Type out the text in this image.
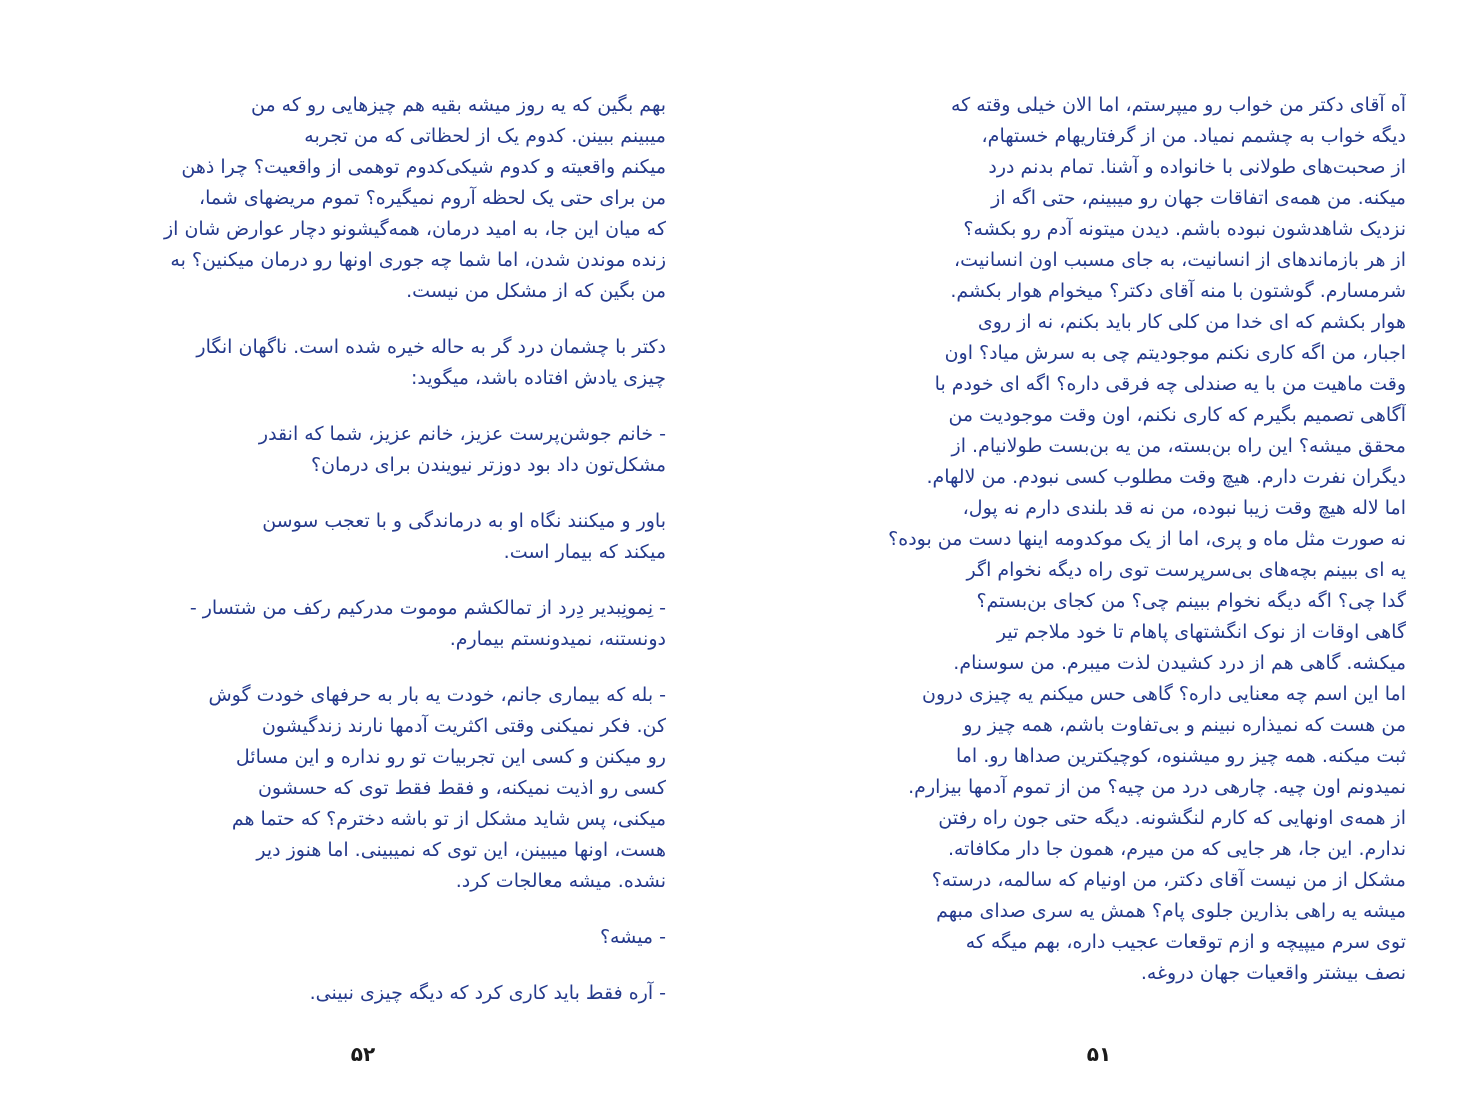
بهم بگین که یه روز میشه بقیه هم چیزهایی رو که من
میبینم ببینن. کدوم یک از لحظاتی که من تجربه
میکنم واقعیته و کدوم شیکی‌کدوم توهمی از واقعیت؟ چرا ذهن
من برای حتی یک لحظه آروم نمیگیره؟ تموم مریضهای شما،
که میان این جا، به امید درمان، همه‌گیشونو دچار عوارض شان از
زنده موندن شدن، اما شما چه جوری اونها رو درمان میکنین؟ به
من بگین که از مشکل من نیست.
دکتر با چشمان درد گر به حاله خیره شده است. ناگهان انگار
چیزی یادش افتاده باشد، میگوید:
- خانم جوشن‌پرست عزیز، خانم عزیز، شما که انقدر
مشکل‌تون داد بود دوزتر نیویندن برای درمان؟
باور و میکنند نگاه او به درماندگی و با تعجب سوسن
میکند که بیمار است.
- نِمونِبدیر دِرد از تمالکشم موموت مدرکیم رکف من شتسار -
دونستنه، نمیدونستم بیمارم.
- بله که بیماری جانم، خودت یه بار به حرفهای خودت گوش
کن. فکر نمیکنی وقتی اکثریت آدمها نارند زندگیشون
رو میکنن و کسی این تجربیات تو رو نداره و این مسائل
کسی رو اذیت نمیکنه، و فقط فقط توی که حسشون
میکنی، پس شاید مشکل از تو باشه دخترم؟ که حتما هم
هست، اونها میبینن، این توی که نمیبینی. اما هنوز دیر
نشده. میشه معالجات کرد.
- میشه؟
- آره فقط باید کاری کرد که دیگه چیزی نبینی.
۵۲
آه آقای دکتر من خواب رو میپرستم، اما الان خیلی وقته که
دیگه خواب به چشمم نمیاد. من از گرفتاریهام خستهام،
از صحبت‌های طولانی با خانواده و آشنا. تمام بدنم درد
میکنه. من همه‌ی اتفاقات جهان رو میبینم، حتی اگه از
نزدیک شاهدشون نبوده باشم. دیدن میتونه آدم رو بکشه؟
از هر بازماندهای از انسانیت، به جای مسبب اون انسانیت،
شرمسارم. گوشتون با منه آقای دکتر؟ میخوام هوار بکشم.
هوار بکشم که ای خدا من کلی کار باید بکنم، نه از روی
اجبار، من اگه کاری نکنم موجودیتم چی به سرش میاد؟ اون
وقت ماهیت من با یه صندلی چه فرقی داره؟ اگه ای خودم با
آگاهی تصمیم بگیرم که کاری نکنم، اون وقت موجودیت من
محقق میشه؟ این راه بن‌بسته، من یه بن‌بست طولانیام. از
دیگران نفرت دارم. هیچ وقت مطلوب کسی نبودم. من لالهام.
اما لاله هیچ وقت زیبا نبوده، من نه قد بلندی دارم نه پول،
نه صورت مثل ماه و پری، اما از یک موکدومه اینها دست من بوده؟
یه ای ببینم بچه‌های بی‌سرپرست توی راه دیگه نخوام اگر
گدا چی؟ اگه دیگه نخوام ببینم چی؟ من کجای بن‌بستم؟
گاهی اوقات از نوک انگشتهای پاهام تا خود ملاجم تیر
میکشه. گاهی هم از درد کشیدن لذت میبرم. من سوسنام.
اما این اسم چه معنایی داره؟ گاهی حس میکنم یه چیزی درون
من هست که نمیذاره نبینم و بی‌تفاوت باشم، همه چیز رو
ثبت میکنه. همه چیز رو میشنوه، کوچیکترین صداها رو. اما
نمیدونم اون چیه. چارهی درد من چیه؟ من از تموم آدمها بیزارم.
از همه‌ی اونهایی که کارم لنگشونه. دیگه حتی جون راه رفتن
ندارم. این جا، هر جایی که من میرم، همون جا دار مکافاته.
مشکل از من نیست آقای دکتر، من اونیام که سالمه، درسته؟
میشه یه راهی بذارین جلوی پام؟ همش یه سری صدای مبهم
توی سرم میپیچه و ازم توقعات عجیب داره، بهم میگه که
نصف بیشتر واقعیات جهان دروغه.
۵۱
